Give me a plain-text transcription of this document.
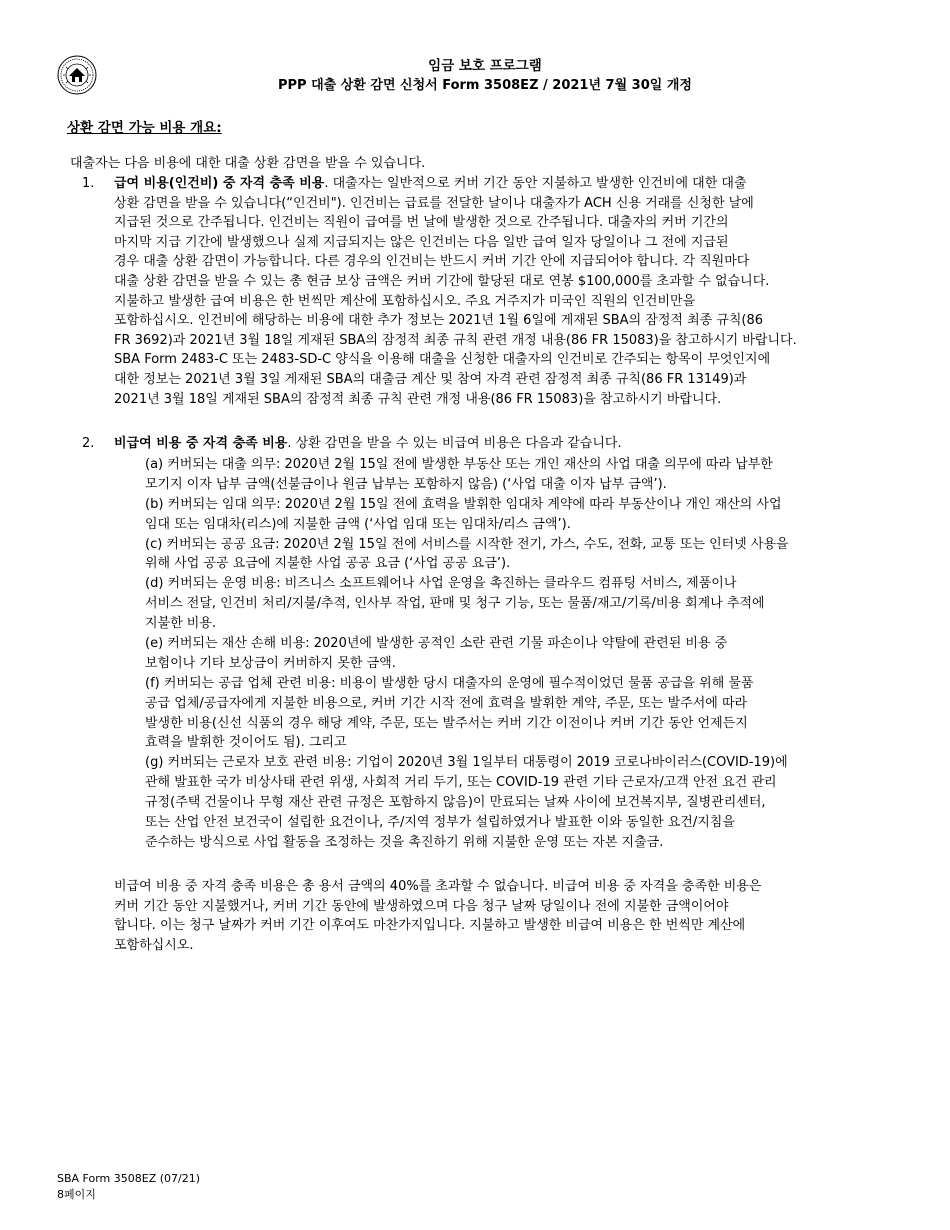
임금 보호 프로그램
PPP 대출 상환 감면 신청서 Form 3508EZ / 2021년 7월 30일 개정
상환 감면 가능 비용 개요:
대출자는 다음 비용에 대한 대출 상환 감면을 받을 수 있습니다.
1. 급여 비용(인건비) 중 자격 충족 비용. 대출자는 일반적으로 커버 기간 동안 지불하고 발생한 인건비에 대한 대출
상환 감면을 받을 수 있습니다(“인건비"). 인건비는 급료를 전달한 날이나 대출자가 ACH 신용 거래를 신청한 날에
지급된 것으로 간주됩니다. 인건비는 직원이 급여를 번 날에 발생한 것으로 간주됩니다. 대출자의 커버 기간의
마지막 지급 기간에 발생했으나 실제 지급되지는 않은 인건비는 다음 일반 급여 일자 당일이나 그 전에 지급된
경우 대출 상환 감면이 가능합니다. 다른 경우의 인건비는 반드시 커버 기간 안에 지급되어야 합니다. 각 직원마다
대출 상환 감면을 받을 수 있는 총 현금 보상 금액은 커버 기간에 할당된 대로 연봉 $100,000를 초과할 수 없습니다.
지불하고 발생한 급여 비용은 한 번씩만 계산에 포함하십시오. 주요 거주지가 미국인 직원의 인건비만을
포함하십시오. 인건비에 해당하는 비용에 대한 추가 정보는 2021년 1월 6일에 게재된 SBA의 잠정적 최종 규칙(86
FR 3692)과 2021년 3월 18일 게재된 SBA의 잠정적 최종 규칙 관련 개정 내용(86 FR 15083)을 참고하시기 바랍니다.
SBA Form 2483-C 또는 2483-SD-C 양식을 이용해 대출을 신청한 대출자의 인건비로 간주되는 항목이 무엇인지에
대한 정보는 2021년 3월 3일 게재된 SBA의 대출금 계산 및 참여 자격 관련 잠정적 최종 규칙(86 FR 13149)과
2021년 3월 18일 게재된 SBA의 잠정적 최종 규칙 관련 개정 내용(86 FR 15083)을 참고하시기 바랍니다.
2. 비급여 비용 중 자격 충족 비용. 상환 감면을 받을 수 있는 비급여 비용은 다음과 같습니다.
(a) 커버되는 대출 의무: 2020년 2월 15일 전에 발생한 부동산 또는 개인 재산의 사업 대출 의무에 따라 납부한
모기지 이자 납부 금액(선불금이나 원금 납부는 포함하지 않음) (‘사업 대출 이자 납부 금액’).
(b) 커버되는 임대 의무: 2020년 2월 15일 전에 효력을 발휘한 임대차 계약에 따라 부동산이나 개인 재산의 사업
임대 또는 임대차(리스)에 지불한 금액 (‘사업 임대 또는 임대차/리스 금액’).
(c) 커버되는 공공 요금: 2020년 2월 15일 전에 서비스를 시작한 전기, 가스, 수도, 전화, 교통 또는 인터넷 사용을
위해 사업 공공 요금에 지불한 사업 공공 요금 (‘사업 공공 요금’).
(d) 커버되는 운영 비용: 비즈니스 소프트웨어나 사업 운영을 촉진하는 클라우드 컴퓨팅 서비스, 제품이나
서비스 전달, 인건비 처리/지불/추적, 인사부 작업, 판매 및 청구 기능, 또는 물품/재고/기록/비용 회계나 추적에
지불한 비용.
(e) 커버되는 재산 손해 비용: 2020년에 발생한 공적인 소란 관련 기물 파손이나 약탈에 관련된 비용 중
보험이나 기타 보상금이 커버하지 못한 금액.
(f) 커버되는 공급 업체 관련 비용: 비용이 발생한 당시 대출자의 운영에 필수적이었던 물품 공급을 위해 물품
공급 업체/공급자에게 지불한 비용으로, 커버 기간 시작 전에 효력을 발휘한 계약, 주문, 또는 발주서에 따라
발생한 비용(신선 식품의 경우 해당 계약, 주문, 또는 발주서는 커버 기간 이전이나 커버 기간 동안 언제든지
효력을 발휘한 것이어도 됨). 그리고
(g) 커버되는 근로자 보호 관련 비용: 기업이 2020년 3월 1일부터 대통령이 2019 코로나바이러스(COVID-19)에
관해 발표한 국가 비상사태 관련 위생, 사회적 거리 두기, 또는 COVID-19 관련 기타 근로자/고객 안전 요건 관리
규정(주택 건물이나 무형 재산 관련 규정은 포함하지 않음)이 만료되는 날짜 사이에 보건복지부, 질병관리센터,
또는 산업 안전 보건국이 설립한 요건이나, 주/지역 정부가 설립하였거나 발표한 이와 동일한 요건/지침을
준수하는 방식으로 사업 활동을 조정하는 것을 촉진하기 위해 지불한 운영 또는 자본 지출금.
비급여 비용 중 자격 충족 비용은 총 용서 금액의 40%를 초과할 수 없습니다. 비급여 비용 중 자격을 충족한 비용은
커버 기간 동안 지불했거나, 커버 기간 동안에 발생하였으며 다음 청구 날짜 당일이나 전에 지불한 금액이어야
합니다. 이는 청구 날짜가 커버 기간 이후여도 마찬가지입니다. 지불하고 발생한 비급여 비용은 한 번씩만 계산에
포함하십시오.
SBA Form 3508EZ (07/21)
8페이지
